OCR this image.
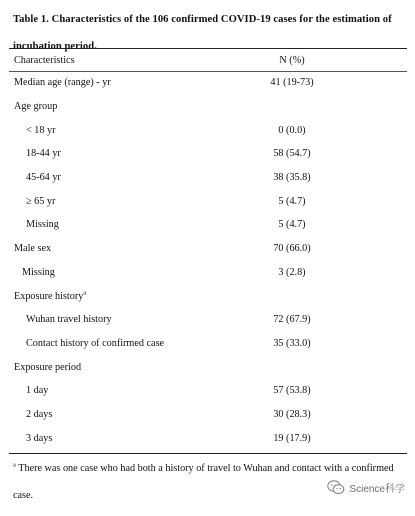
Table 1. Characteristics of the 106 confirmed COVID-19 cases for the estimation of incubation period.
Characteristics	N (%)
Median age (range) - yr	41 (19-73)
Age group	
< 18 yr	0 (0.0)
18-44 yr	58 (54.7)
45-64 yr	38 (35.8)
≥ 65 yr	5 (4.7)
Missing	5 (4.7)
Male sex	70 (66.0)
Missing	3 (2.8)
Exposure history$^a$	
Wuhan travel history	72 (67.9)
Contact history of confirmed case	35 (33.0)
Exposure period	
1 day	57 (53.8)
2 days	30 (28.3)
3 days	19 (17.9)
$^a$ There was one case who had both a history of travel to Wuhan and contact with a confirmed case.
Science科学
